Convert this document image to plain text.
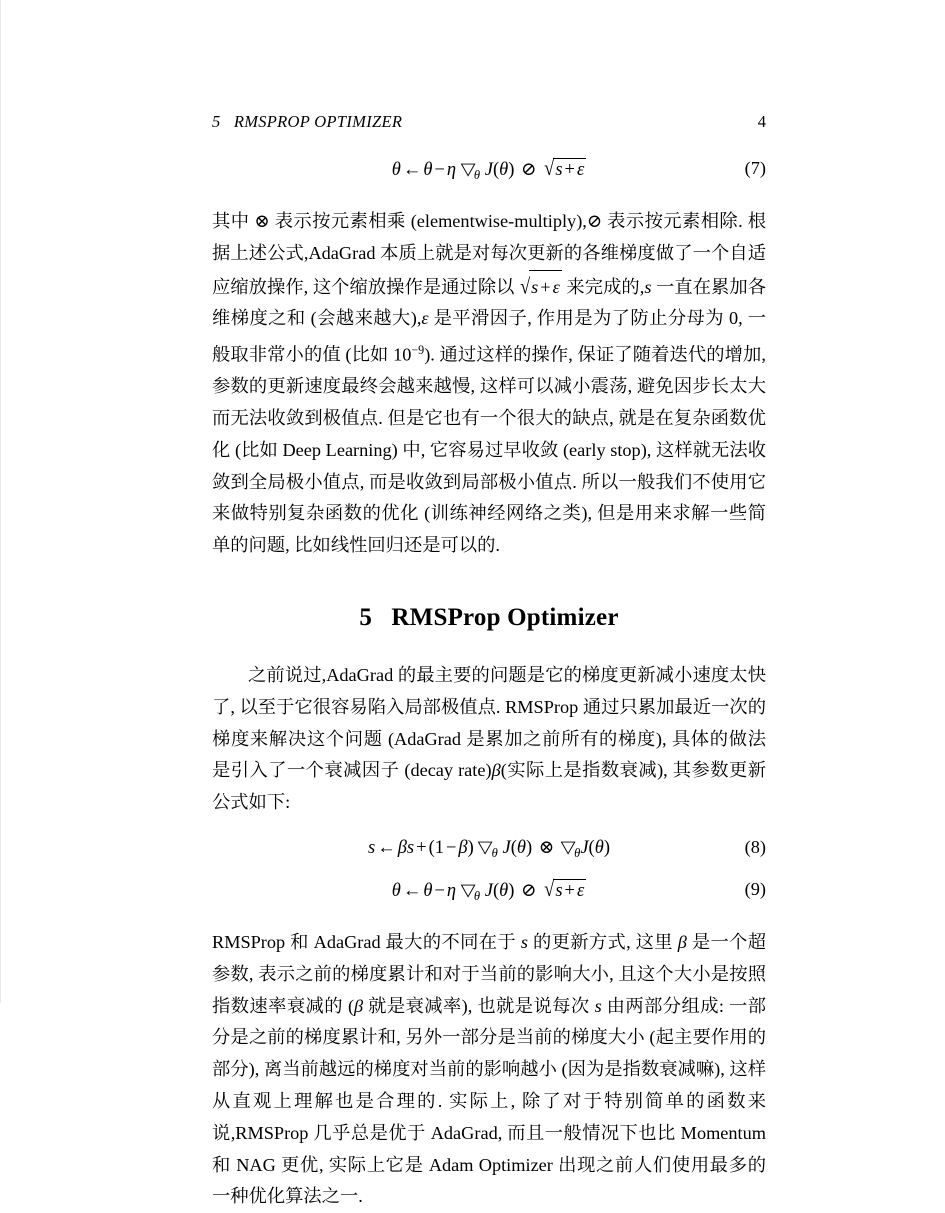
5   RMSPROP OPTIMIZER	4
θ ← θ − η $▽_\theta$ J(θ) ⊘ √s + ε	(7)

其中 ⊗ 表示按元素相乘 (elementwise-multiply),⊘ 表示按元素相除. 根据上述公式,AdaGrad 本质上就是对每次更新的各维梯度做了一个自适应缩放操作, 这个缩放操作是通过除以 √s + ε 来完成的,s 一直在累加各维梯度之和 (会越来越大),ε 是平滑因子, 作用是为了防止分母为 0, 一般取非常小的值 (比如 $10^{-9}$). 通过这样的操作, 保证了随着迭代的增加, 参数的更新速度最终会越来越慢, 这样可以减小震荡, 避免因步长太大而无法收敛到极值点. 但是它也有一个很大的缺点, 就是在复杂函数优化 (比如 Deep Learning) 中, 它容易过早收敛 (early stop), 这样就无法收敛到全局极小值点, 而是收敛到局部极小值点. 所以一般我们不使用它来做特别复杂函数的优化 (训练神经网络之类), 但是用来求解一些简单的问题, 比如线性回归还是可以的.

5   RMSProp Optimizer

之前说过,AdaGrad 的最主要的问题是它的梯度更新减小速度太快了, 以至于它很容易陷入局部极值点. RMSProp 通过只累加最近一次的梯度来解决这个问题 (AdaGrad 是累加之前所有的梯度), 具体的做法是引入了一个衰减因子 (decay rate)β(实际上是指数衰减), 其参数更新公式如下:

s ← βs + (1 − β) $▽_\theta$ J(θ) ⊗ $▽_\theta J(\theta)$	(8)
θ ← θ − η $▽_\theta$ J(θ) ⊘ √s + ε	(9)

RMSProp 和 AdaGrad 最大的不同在于 s 的更新方式, 这里 β 是一个超参数, 表示之前的梯度累计和对于当前的影响大小, 且这个大小是按照指数速率衰减的 (β 就是衰减率), 也就是说每次 s 由两部分组成: 一部分是之前的梯度累计和, 另外一部分是当前的梯度大小 (起主要作用的部分), 离当前越远的梯度对当前的影响越小 (因为是指数衰减嘛), 这样从直观上理解也是合理的. 实际上, 除了对于特别简单的函数来说,RMSProp 几乎总是优于 AdaGrad, 而且一般情况下也比 Momentum 和 NAG 更优, 实际上它是 Adam Optimizer 出现之前人们使用最多的一种优化算法之一.
